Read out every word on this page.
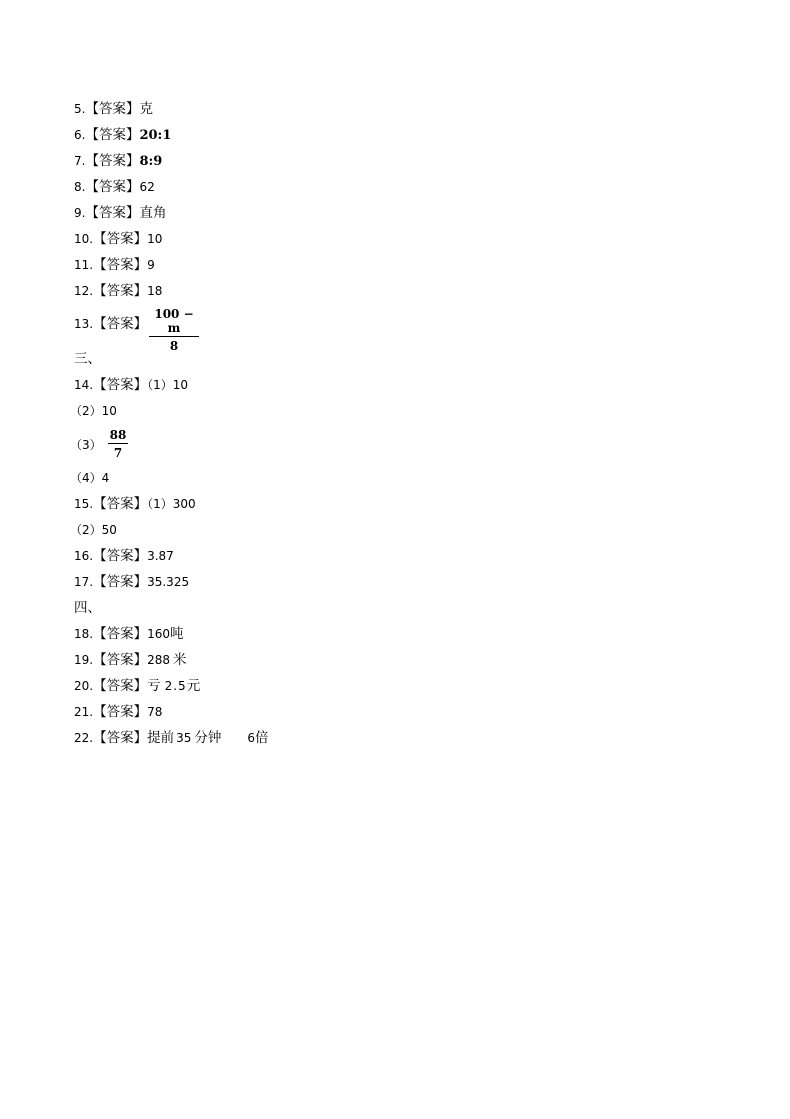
5.【答案】克
6.【答案】20:1
7.【答案】8:9
8.【答案】62
9.【答案】直角
10.【答案】10
11.【答案】9
12.【答案】18
13.【答案】
100 − m
8
三、
14.【答案】（1）10
（2）10
（3）
88
7
（4）4
15.【答案】（1）300
（2）50
16.【答案】3.87
17.【答案】35.325
四、
18.【答案】160吨
19.【答案】288 米
20.【答案】亏 2.5元
21.【答案】78
22.【答案】提前 35 分钟 6倍
